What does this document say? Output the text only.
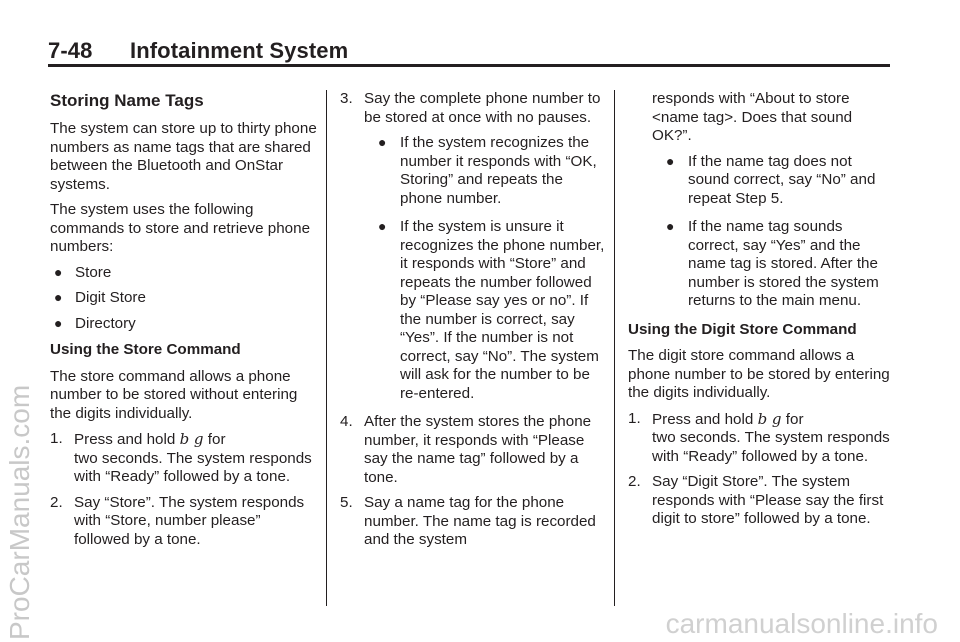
7-48 Infotainment System
Storing Name Tags

The system can store up to thirty phone numbers as name tags that are shared between the Bluetooth and OnStar systems.

The system uses the following commands to store and retrieve phone numbers:

● Store
● Digit Store
● Directory
Using the Store Command

The store command allows a phone number to be stored without entering the digits individually.

1. Press and hold b g for
two seconds. The system responds with “Ready” followed by a tone.
2. Say “Store”. The system responds with “Store, number please” followed by a tone.
3. Say the complete phone number to be stored at once with no pauses.
● If the system recognizes the number it responds with “OK, Storing” and repeats the phone number.
● If the system is unsure it recognizes the phone number, it responds with “Store” and repeats the number followed by “Please say yes or no”. If the number is correct, say “Yes”. If the number is not correct, say “No”. The system will ask for the number to be re-entered.
4. After the system stores the phone number, it responds with “Please say the name tag” followed by a tone.
5. Say a name tag for the phone number. The name tag is recorded and the system

responds with “About to store <name tag>. Does that sound OK?”.

● If the name tag does not sound correct, say “No” and repeat Step 5.
● If the name tag sounds correct, say “Yes” and the name tag is stored. After the number is stored the system returns to the main menu.
Using the Digit Store Command

The digit store command allows a phone number to be stored by entering the digits individually.

1. Press and hold b g for
two seconds. The system responds with “Ready” followed by a tone.
2. Say “Digit Store”. The system responds with “Please say the first digit to store” followed by a tone.
ProCarManuals.com	carmanualsonline.info
